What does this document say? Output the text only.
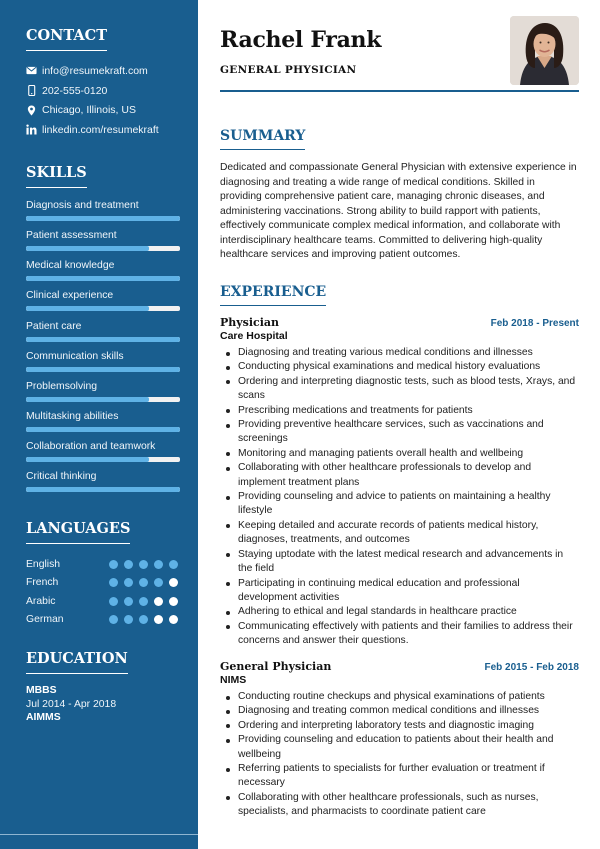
CONTACT
info@resumekraft.com
202-555-0120
Chicago, Illinois, US
linkedin.com/resumekraft
SKILLS
Diagnosis and treatment
Patient assessment
Medical knowledge
Clinical experience
Patient care
Communication skills
Problemsolving
Multitasking abilities
Collaboration and teamwork
Critical thinking
LANGUAGES
English
French
Arabic
German
EDUCATION
MBBS
Jul 2014 - Apr 2018
AIMMS
Rachel Frank
GENERAL PHYSICIAN
SUMMARY

Dedicated and compassionate General Physician with extensive experience in diagnosing and treating a wide range of medical conditions. Skilled in providing comprehensive patient care, managing chronic diseases, and administering vaccinations. Strong ability to build rapport with patients, effectively communicate complex medical information, and collaborate with interdisciplinary healthcare teams. Committed to delivering high-quality healthcare services and improving patient outcomes.

EXPERIENCE
Physician	Feb 2018 - Present
Care Hospital
Diagnosing and treating various medical conditions and illnesses
Conducting physical examinations and medical history evaluations
Ordering and interpreting diagnostic tests, such as blood tests, Xrays, and scans
Prescribing medications and treatments for patients
Providing preventive healthcare services, such as vaccinations and screenings
Monitoring and managing patients overall health and wellbeing
Collaborating with other healthcare professionals to develop and implement treatment plans
Providing counseling and advice to patients on maintaining a healthy lifestyle
Keeping detailed and accurate records of patients medical history, diagnoses, treatments, and outcomes
Staying uptodate with the latest medical research and advancements in the field
Participating in continuing medical education and professional development activities
Adhering to ethical and legal standards in healthcare practice
Communicating effectively with patients and their families to address their concerns and answer their questions.
General Physician	Feb 2015 - Feb 2018
NIMS
Conducting routine checkups and physical examinations of patients
Diagnosing and treating common medical conditions and illnesses
Ordering and interpreting laboratory tests and diagnostic imaging
Providing counseling and education to patients about their health and wellbeing
Referring patients to specialists for further evaluation or treatment if necessary
Collaborating with other healthcare professionals, such as nurses, specialists, and pharmacists to coordinate patient care
